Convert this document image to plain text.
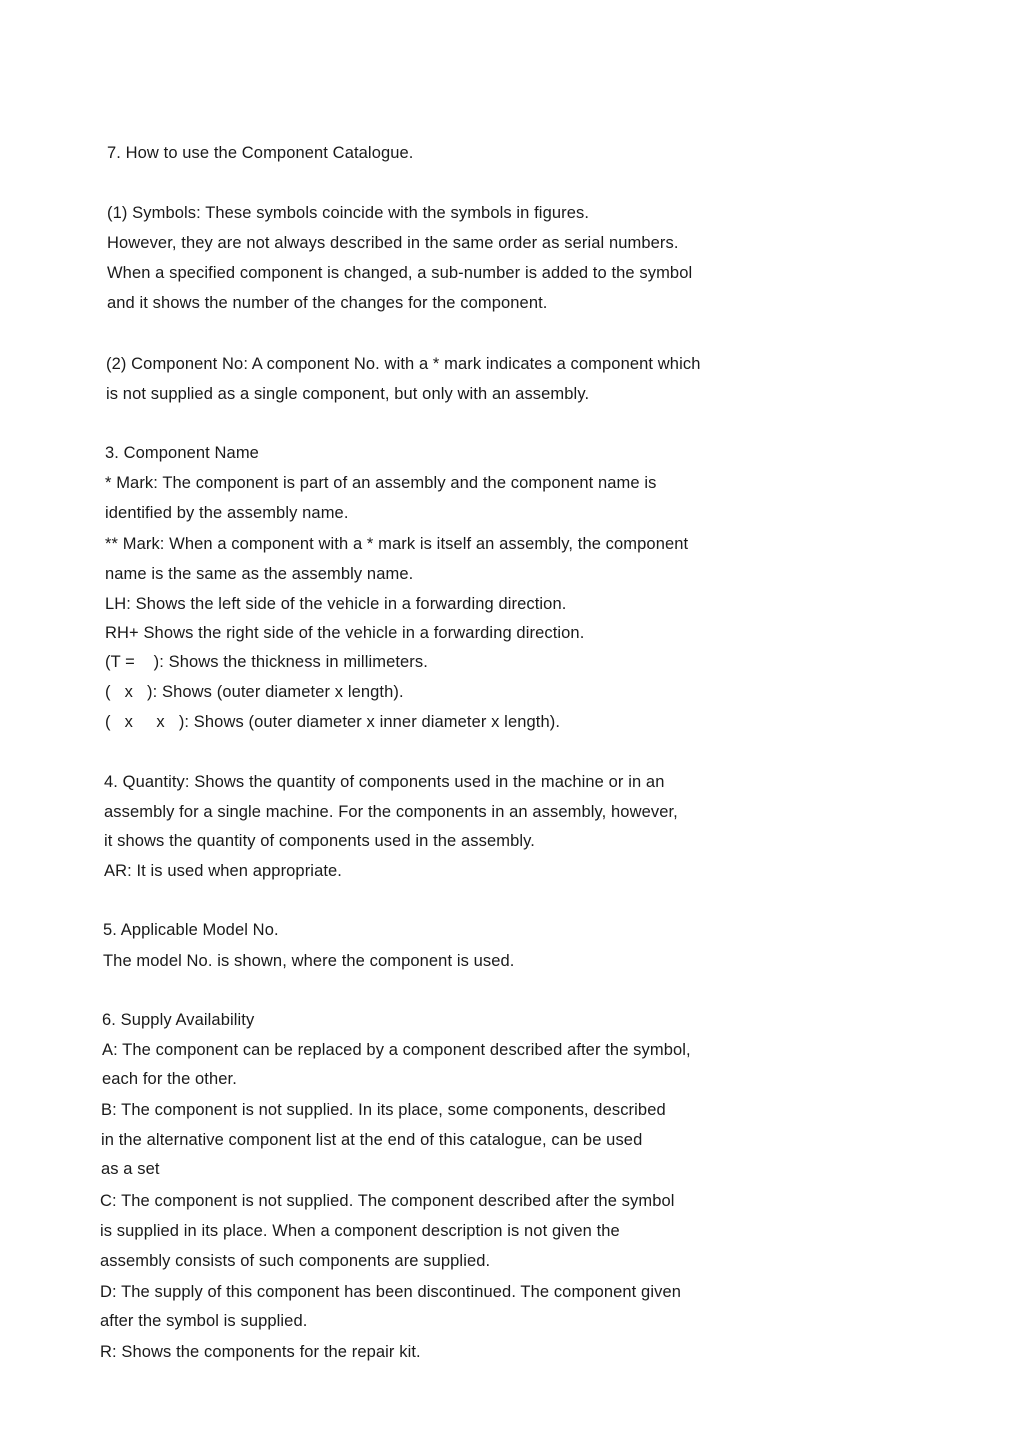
7. How to use the Component Catalogue.

(1) Symbols: These symbols coincide with the symbols in figures.

However, they are not always described in the same order as serial numbers.

When a specified component is changed, a sub-number is added to the symbol

and it shows the number of the changes for the component.

(2) Component No: A component No. with a * mark indicates a component which

is not supplied as a single component, but only with an assembly.

3. Component Name

* Mark: The component is part of an assembly and the component name is

identified by the assembly name.

** Mark: When a component with a * mark is itself an assembly, the component

name is the same as the assembly name.

LH: Shows the left side of the vehicle in a forwarding direction.

RH+ Shows the right side of the vehicle in a forwarding direction.

(T =    ): Shows the thickness in millimeters.

(   x   ): Shows (outer diameter x length).

(   x     x   ): Shows (outer diameter x inner diameter x length).

4. Quantity: Shows the quantity of components used in the machine or in an

assembly for a single machine. For the components in an assembly, however,

it shows the quantity of components used in the assembly.

AR: It is used when appropriate.

5. Applicable Model No.

The model No. is shown, where the component is used.

6. Supply Availability

A: The component can be replaced by a component described after the symbol,

each for the other.

B: The component is not supplied. In its place, some components, described

in the alternative component list at the end of this catalogue, can be used

as a set

C: The component is not supplied. The component described after the symbol

is supplied in its place. When a component description is not given the

assembly consists of such components are supplied.

D: The supply of this component has been discontinued. The component given

after the symbol is supplied.

R: Shows the components for the repair kit.
